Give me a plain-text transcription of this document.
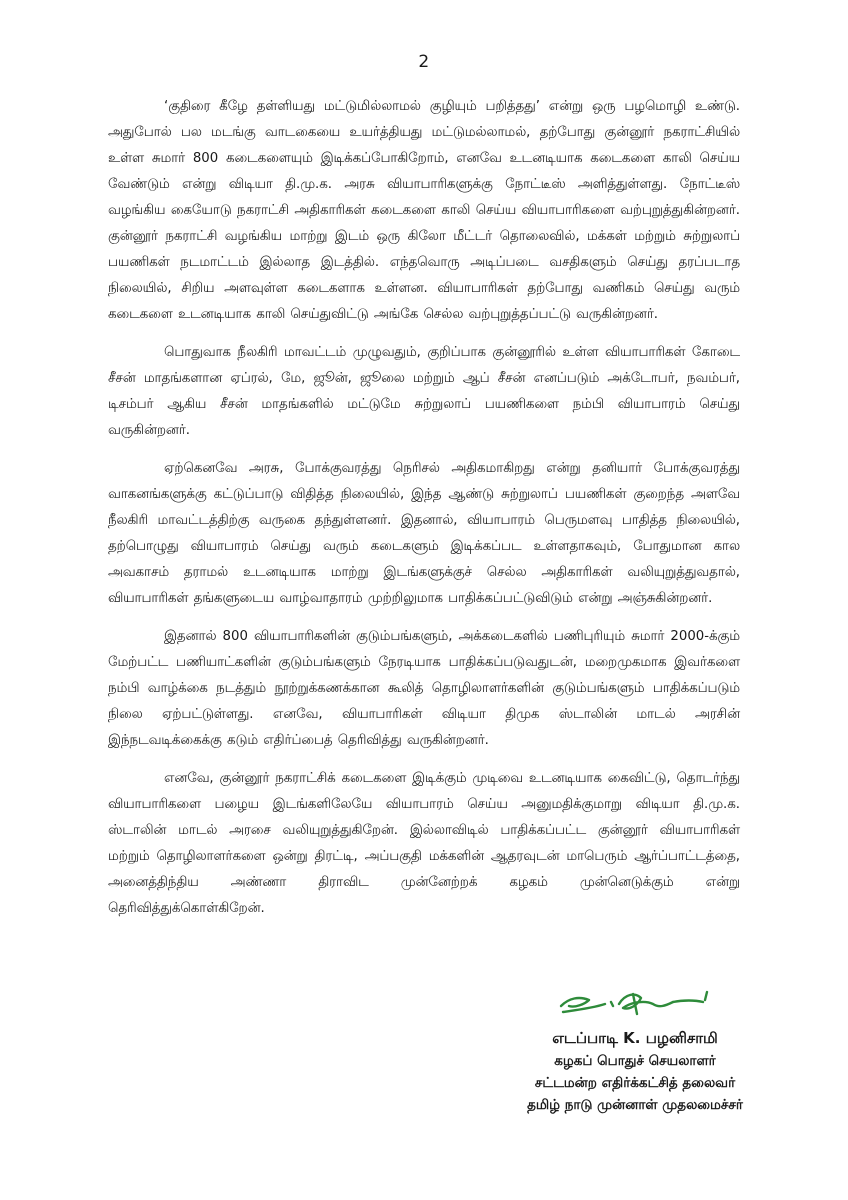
2

‘குதிரை கீழே தள்ளியது மட்டுமில்லாமல் குழியும் பறித்தது’ என்று ஒரு பழமொழி உண்டு. அதுபோல் பல மடங்கு வாடகையை உயர்த்தியது மட்டுமல்லாமல், தற்போது குன்னூர் நகராட்சியில் உள்ள சுமார் 800 கடைகளையும் இடிக்கப்போகிறோம், எனவே உடனடியாக கடைகளை காலி செய்ய வேண்டும் என்று விடியா தி.மு.க. அரசு வியாபாரிகளுக்கு நோட்டீஸ் அளித்துள்ளது. நோட்டீஸ் வழங்கிய கையோடு நகராட்சி அதிகாரிகள் கடைகளை காலி செய்ய வியாபாரிகளை வற்புறுத்துகின்றனர். குன்னூர் நகராட்சி வழங்கிய மாற்று இடம் ஒரு கிலோ மீட்டர் தொலைவில், மக்கள் மற்றும் சுற்றுலாப் பயணிகள் நடமாட்டம் இல்லாத இடத்தில். எந்தவொரு அடிப்படை வசதிகளும் செய்து தரப்படாத நிலையில், சிறிய அளவுள்ள கடைகளாக உள்ளன. வியாபாரிகள் தற்போது வணிகம் செய்து வரும் கடைகளை உடனடியாக காலி செய்துவிட்டு அங்கே செல்ல வற்புறுத்தப்பட்டு வருகின்றனர்.

பொதுவாக நீலகிரி மாவட்டம் முழுவதும், குறிப்பாக குன்னூரில் உள்ள வியாபாரிகள் கோடை சீசன் மாதங்களான ஏப்ரல், மே, ஜூன், ஜூலை மற்றும் ஆப் சீசன் எனப்படும் அக்டோபர், நவம்பர், டிசம்பர் ஆகிய சீசன் மாதங்களில் மட்டுமே சுற்றுலாப் பயணிகளை நம்பி வியாபாரம் செய்து வருகின்றனர்.

ஏற்கெனவே அரசு, போக்குவரத்து நெரிசல் அதிகமாகிறது என்று தனியார் போக்குவரத்து வாகனங்களுக்கு கட்டுப்பாடு விதித்த நிலையில், இந்த ஆண்டு சுற்றுலாப் பயணிகள் குறைந்த அளவே நீலகிரி மாவட்டத்திற்கு வருகை தந்துள்ளனர். இதனால், வியாபாரம் பெருமளவு பாதித்த நிலையில், தற்பொழுது வியாபாரம் செய்து வரும் கடைகளும் இடிக்கப்பட உள்ளதாகவும், போதுமான கால அவகாசம் தராமல் உடனடியாக மாற்று இடங்களுக்குச் செல்ல அதிகாரிகள் வலியுறுத்துவதால், வியாபாரிகள் தங்களுடைய வாழ்வாதாரம் முற்றிலுமாக பாதிக்கப்பட்டுவிடும் என்று அஞ்சுகின்றனர்.

இதனால் 800 வியாபாரிகளின் குடும்பங்களும், அக்கடைகளில் பணிபுரியும் சுமார் 2000-க்கும் மேற்பட்ட பணியாட்களின் குடும்பங்களும் நேரடியாக பாதிக்கப்படுவதுடன், மறைமுகமாக இவர்களை நம்பி வாழ்க்கை நடத்தும் நூற்றுக்கணக்கான கூலித் தொழிலாளர்களின் குடும்பங்களும் பாதிக்கப்படும் நிலை ஏற்பட்டுள்ளது. எனவே, வியாபாரிகள் விடியா திமுக ஸ்டாலின் மாடல் அரசின் இந்நடவடிக்கைக்கு கடும் எதிர்ப்பைத் தெரிவித்து வருகின்றனர்.

எனவே, குன்னூர் நகராட்சிக் கடைகளை இடிக்கும் முடிவை உடனடியாக கைவிட்டு, தொடர்ந்து வியாபாரிகளை பழைய இடங்களிலேயே வியாபாரம் செய்ய அனுமதிக்குமாறு விடியா தி.மு.க. ஸ்டாலின் மாடல் அரசை வலியுறுத்துகிறேன். இல்லாவிடில் பாதிக்கப்பட்ட குன்னூர் வியாபாரிகள் மற்றும் தொழிலாளர்களை ஒன்று திரட்டி, அப்பகுதி மக்களின் ஆதரவுடன் மாபெரும் ஆர்ப்பாட்டத்தை, அனைத்திந்திய அண்ணா திராவிட முன்னேற்றக் கழகம் முன்னெடுக்கும் என்று தெரிவித்துக்கொள்கிறேன்.

எடப்பாடி K. பழனிசாமி

கழகப் பொதுச் செயலாளர்

சட்டமன்ற எதிர்க்கட்சித் தலைவர்

தமிழ் நாடு முன்னாள் முதலமைச்சர்
